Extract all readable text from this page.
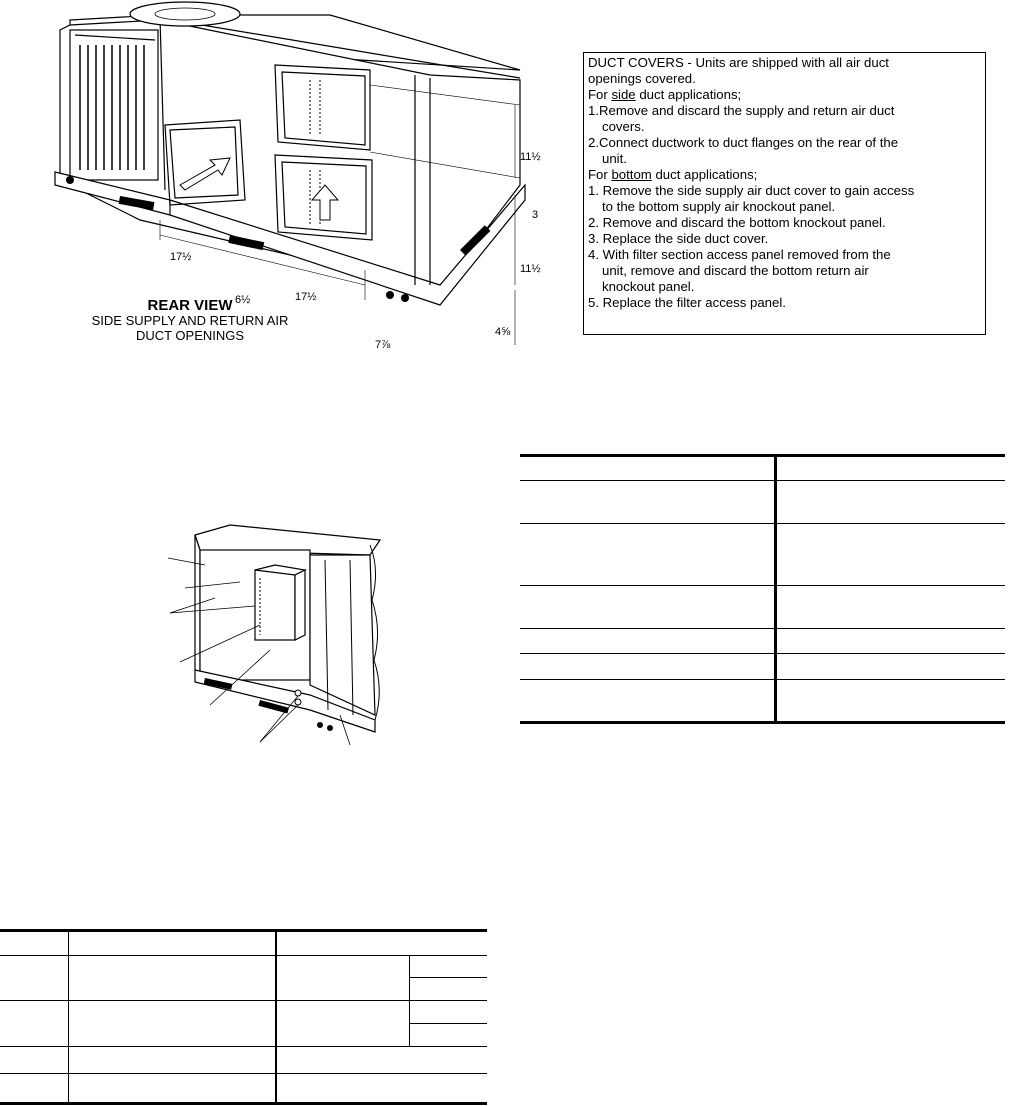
11½
3
11½
17½
6½	17½
4⅝
7⅞
REAR VIEW
SIDE SUPPLY AND RETURN AIR
DUCT OPENINGS
DUCT COVERS - Units are shipped with all air duct
openings covered.
For side duct applications;
1.Remove and discard the supply and return air duct
covers.
2.Connect ductwork to duct flanges on the rear of the
unit.
For bottom duct applications;
1. Remove the side supply air duct cover to gain access
to the bottom supply air knockout panel.
2. Remove and discard the bottom knockout panel.
3. Replace the side duct cover.
4. With filter section access panel removed from the
unit, remove and discard the bottom return air
knockout panel.
5. Replace the filter access panel.
